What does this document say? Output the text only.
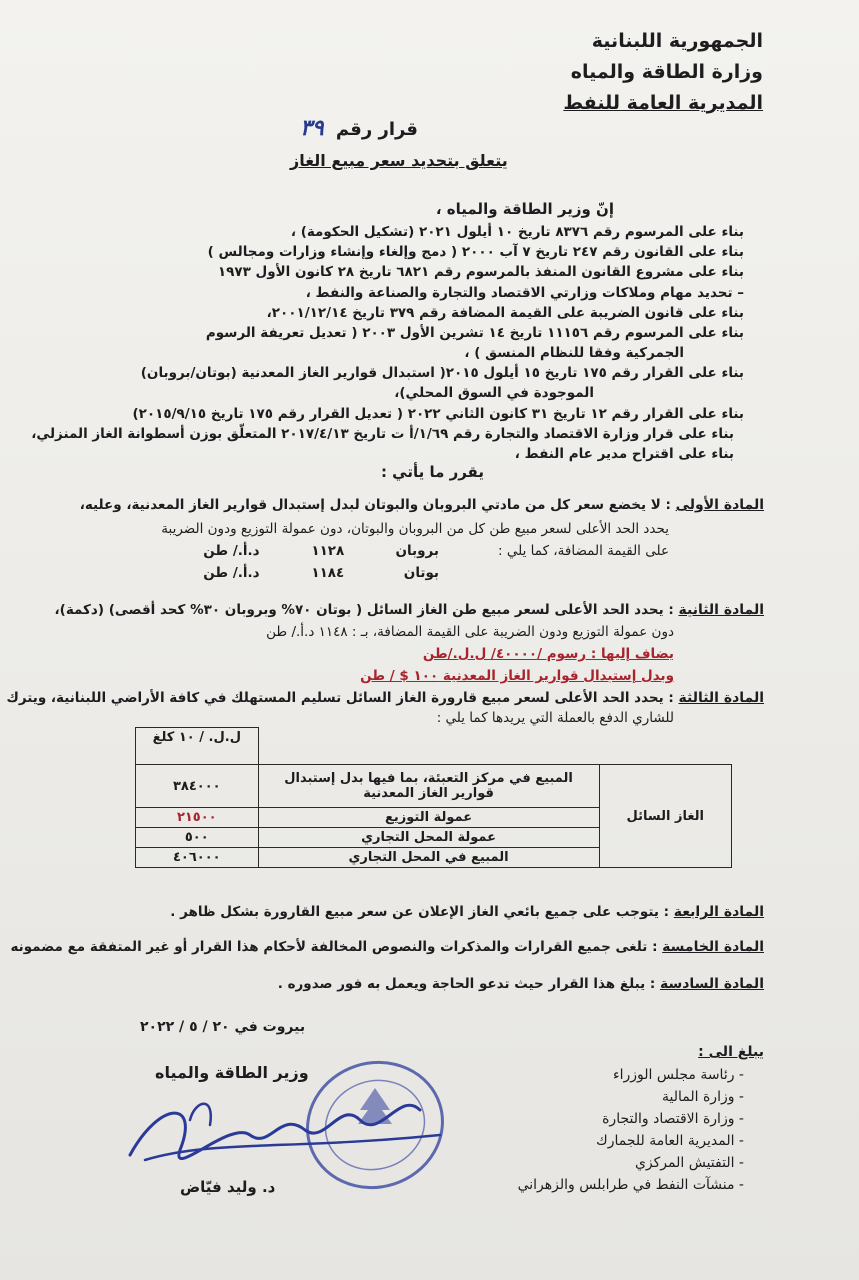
الجمهورية اللبنانية
وزارة الطاقة والمياه
المديرية العامة للنفط
قرار رقم ٣٩
يتعلق بتحديد سعر مبيع الغاز
إنّ وزير الطاقة والمياه ،
بناء على المرسوم رقم ٨٣٧٦ تاريخ ١٠ أيلول ٢٠٢١ (تشكيل الحكومة) ،
بناء على القانون رقم ٢٤٧ تاريخ ٧ آب ٢٠٠٠ ( دمج وإلغاء وإنشاء وزارات ومجالس )
بناء على مشروع القانون المنفذ بالمرسوم رقم ٦٨٢١ تاريخ ٢٨ كانون الأول ١٩٧٣
– تحديد مهام وملاكات وزارتي الاقتصاد والتجارة والصناعة والنفط ،
بناء على قانون الضريبة على القيمة المضافة رقم ٣٧٩ تاريخ ٢٠٠١/١٢/١٤،
بناء على المرسوم رقم ١١١٥٦ تاريخ ١٤ تشرين الأول ٢٠٠٣ ( تعديل تعريفة الرسوم
الجمركية وفقا للنظام المنسق ) ،
بناء على القرار رقم ١٧٥ تاريخ ١٥ أيلول ٢٠١٥( استبدال قوارير الغاز المعدنية (بوتان/بروبان)
الموجودة في السوق المحلي)،
بناء على القرار رقم ١٢ تاريخ ٣١ كانون الثاني ٢٠٢٢ ( تعديل القرار رقم ١٧٥ تاريخ ٢٠١٥/٩/١٥)
بناء على قرار وزارة الاقتصاد والتجارة رقم ١/٦٩/أ ت تاريخ ٢٠١٧/٤/١٣ المتعلّق بوزن أسطوانة الغاز المنزلي،
بناء على اقتراح مدير عام النفط ،
يقرر ما يأتي :
المادة الأولى : لا يخضع سعر كل من مادتي البروبان والبوتان لبدل إستبدال قوارير الغاز المعدنية، وعليه،
يحدد الحد الأعلى لسعر مبيع طن كل من البروبان والبوتان، دون عمولة التوزيع ودون الضريبة
على القيمة المضافة، كما يلي :
بروبان ١١٢٨ د.أ./ طن
بوتان ١١٨٤ د.أ./ طن
المادة الثانية : يحدد الحد الأعلى لسعر مبيع طن الغاز السائل ( بوتان ٧٠% وبروبان ٣٠% كحد أقصى) (دكمة)،
دون عمولة التوزيع ودون الضريبة على القيمة المضافة، بـ : ١١٤٨ د.أ./ طن
يضاف إليها : رسوم /٤٠٠٠٠/ ل.ل./طن
وبدل إستبدال قوارير الغاز المعدنية ١٠٠ $ / طن
المادة الثالثة : يحدد الحد الأعلى لسعر مبيع قارورة الغاز السائل تسليم المستهلك في كافة الأراضي اللبنانية، ويترك
للشاري الدفع بالعملة التي يريدها كما يلي :
		ل.ل. / ١٠ كلغ
الغاز السائل	المبيع في مركز التعبئة، بما فيها بدل إستبدال قوارير الغاز المعدنية	٣٨٤٠٠٠
	عمولة التوزيع	٢١٥٠٠
	عمولة المحل التجاري	٥٠٠
	المبيع في المحل التجاري	٤٠٦٠٠٠
المادة الرابعة : يتوجب على جميع بائعي الغاز الإعلان عن سعر مبيع القارورة بشكل ظاهر .
المادة الخامسة : تلغى جميع القرارات والمذكرات والنصوص المخالفة لأحكام هذا القرار أو غير المتفقة مع مضمونه
المادة السادسة : يبلغ هذا القرار حيث تدعو الحاجة ويعمل به فور صدوره .
بيروت في ٢٠ / ٥ / ٢٠٢٢
وزير الطاقة والمياه
د. وليد فيّاض
يبلغ الى :
- رئاسة مجلس الوزراء
- وزارة المالية
- وزارة الاقتصاد والتجارة
- المديرية العامة للجمارك
- التفتيش المركزي
- منشآت النفط في طرابلس والزهراني
